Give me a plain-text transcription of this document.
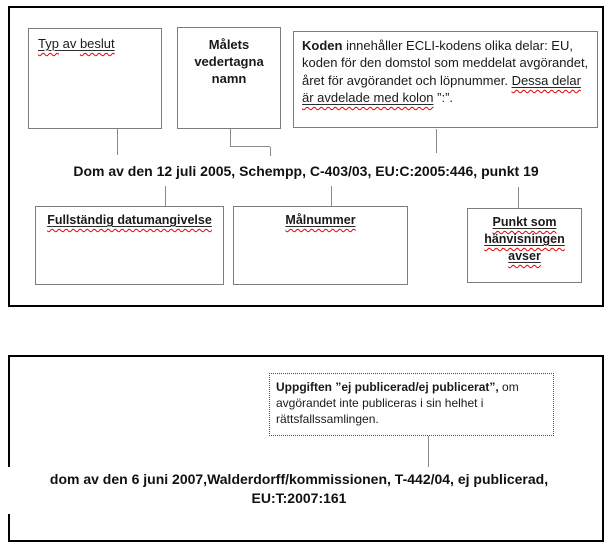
Typ av beslut	Målets vedertagna namn
Koden innehåller ECLI-kodens olika delar: EU, koden för den domstol som meddelat avgörandet, året för avgörandet och löpnummer. Dessa delar är avdelade med kolon ”:”.
Dom av den 12 juli 2005, Schempp, C-403/03, EU:C:2005:446, punkt 19
Fullständig datumangivelse	Målnummer	Punkt som hänvisningen avser
Uppgiften ”ej publicerad/ej publicerat”, om avgörandet inte publiceras i sin helhet i rättsfallssamlingen.
dom av den 6 juni 2007,Walderdorff/kommissionen, T-442/04, ej publicerad,
EU:T:2007:161
